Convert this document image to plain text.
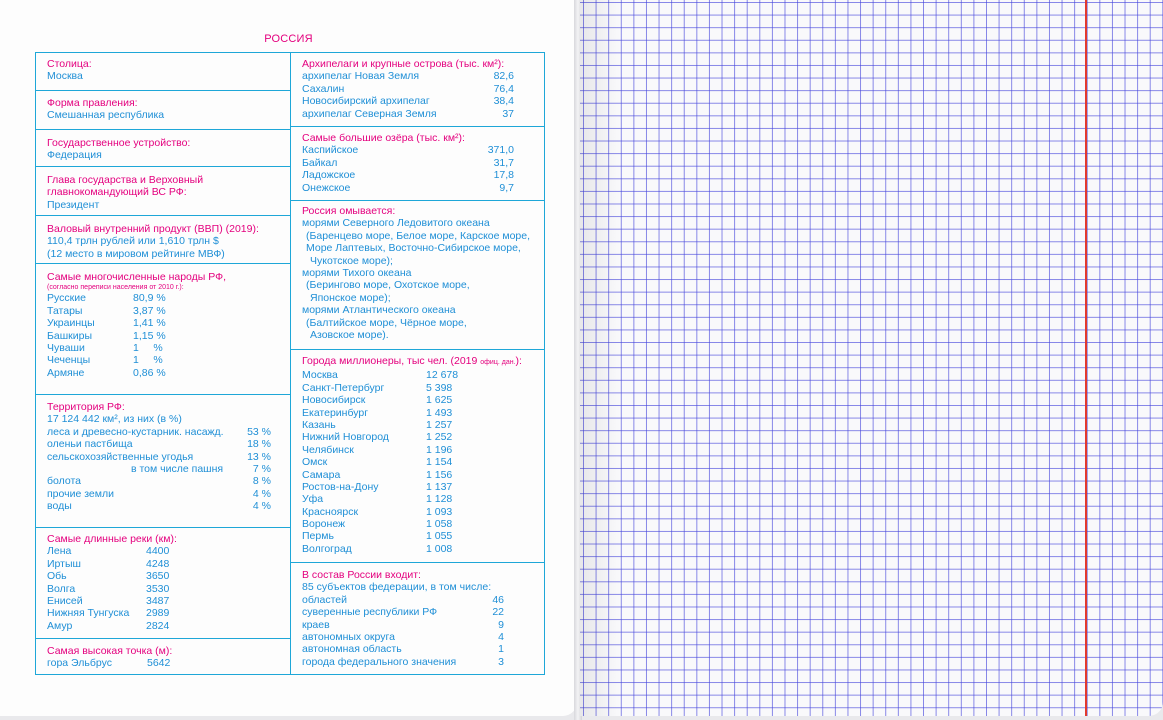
РОССИЯ
Столица:
Москва
Форма правления:
Смешанная республика
Государственное устройство:
Федерация
Глава государства и Верховный
главнокомандующий ВС РФ:
Президент
Валовый внутренний продукт (ВВП) (2019):
110,4 трлн рублей или 1,610 трлн $
(12 место в мировом рейтинге МВФ)
Самые многочисленные народы РФ,
(согласно переписи населения от 2010 г.):
Русские	80,9 %
Татары	3,87 %
Украинцы	1,41 %
Башкиры	1,15 %
Чуваши	1     %
Чеченцы	1     %
Армяне	0,86 %
Территория РФ:
17 124 442 км², из них (в %)
леса и древесно-кустарник. насажд. 53 %
оленьи пастбища	18 %
сельскохозяйственные угодья	13 %
в том числе пашня	7 %
болота	8 %
прочие земли	4 %
воды	4 %
Самые длинные реки (км):
Лена	4400
Иртыш	4248
Обь	3650
Волга	3530
Енисей	3487
Нижняя Тунгуска 2989
Амур	2824
Самая высокая точка (м):
гора Эльбрус	5642
Архипелаги и крупные острова (тыс. км²):
архипелаг Новая Земля	82,6
Сахалин	76,4
Новосибирский архипелаг	38,4
архипелаг Северная Земля	37
Самые большие озёра (тыс. км²):
Каспийское	371,0
Байкал	31,7
Ладожское	17,8
Онежское	9,7
Россия омывается:
морями Северного Ледовитого океана
(Баренцево море, Белое море, Карское море,
Море Лаптевых, Восточно-Сибирское море,
Чукотское море);
морями Тихого океана
(Берингово море, Охотское море,
Японское море);
морями Атлантического океана
(Балтийское море, Чёрное море,
Азовское море).
Города миллионеры, тыс чел. (2019 офиц. дан.):
Москва	12 678
Санкт-Петербург	5 398
Новосибирск	1 625
Екатеринбург	1 493
Казань	1 257
Нижний Новгород	1 252
Челябинск	1 196
Омск	1 154
Самара	1 156
Ростов-на-Дону	1 137
Уфа	1 128
Красноярск	1 093
Воронеж	1 058
Пермь	1 055
Волгоград	1 008
В состав России входит:
85 субъектов федерации, в том числе:
областей	46
суверенные республики РФ	22
краев	9
автономных округа	4
автономная область	1
города федерального значения	3
